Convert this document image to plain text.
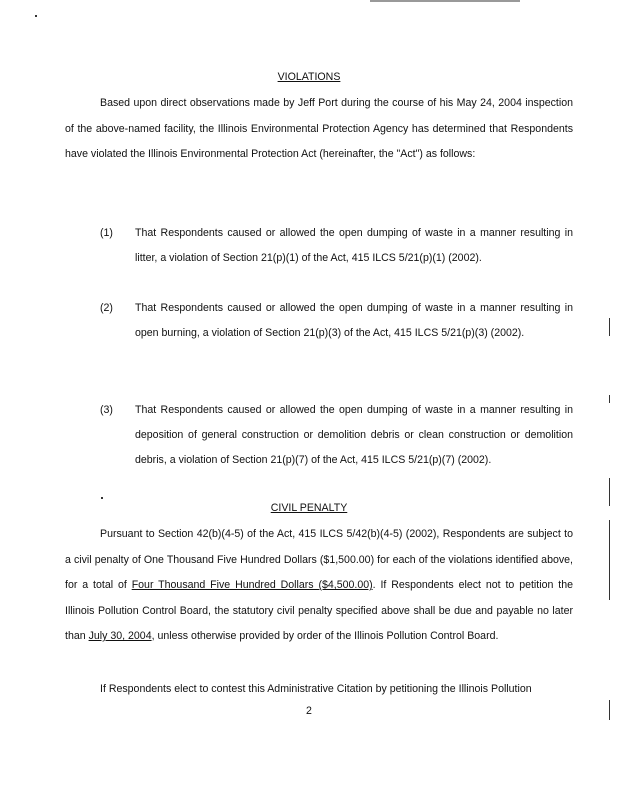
VIOLATIONS
Based upon direct observations made by Jeff Port during the course of his May 24, 2004 inspection of the above-named facility, the Illinois Environmental Protection Agency has determined that Respondents have violated the Illinois Environmental Protection Act (hereinafter, the "Act") as follows:
(1) That Respondents caused or allowed the open dumping of waste in a manner resulting in litter, a violation of Section 21(p)(1) of the Act, 415 ILCS 5/21(p)(1) (2002).
(2) That Respondents caused or allowed the open dumping of waste in a manner resulting in open burning, a violation of Section 21(p)(3) of the Act, 415 ILCS 5/21(p)(3) (2002).
(3) That Respondents caused or allowed the open dumping of waste in a manner resulting in deposition of general construction or demolition debris or clean construction or demolition debris, a violation of Section 21(p)(7) of the Act, 415 ILCS 5/21(p)(7) (2002).
CIVIL PENALTY
Pursuant to Section 42(b)(4-5) of the Act, 415 ILCS 5/42(b)(4-5) (2002), Respondents are subject to a civil penalty of One Thousand Five Hundred Dollars ($1,500.00) for each of the violations identified above, for a total of Four Thousand Five Hundred Dollars ($4,500.00). If Respondents elect not to petition the Illinois Pollution Control Board, the statutory civil penalty specified above shall be due and payable no later than July 30, 2004, unless otherwise provided by order of the Illinois Pollution Control Board.
If Respondents elect to contest this Administrative Citation by petitioning the Illinois Pollution
2
